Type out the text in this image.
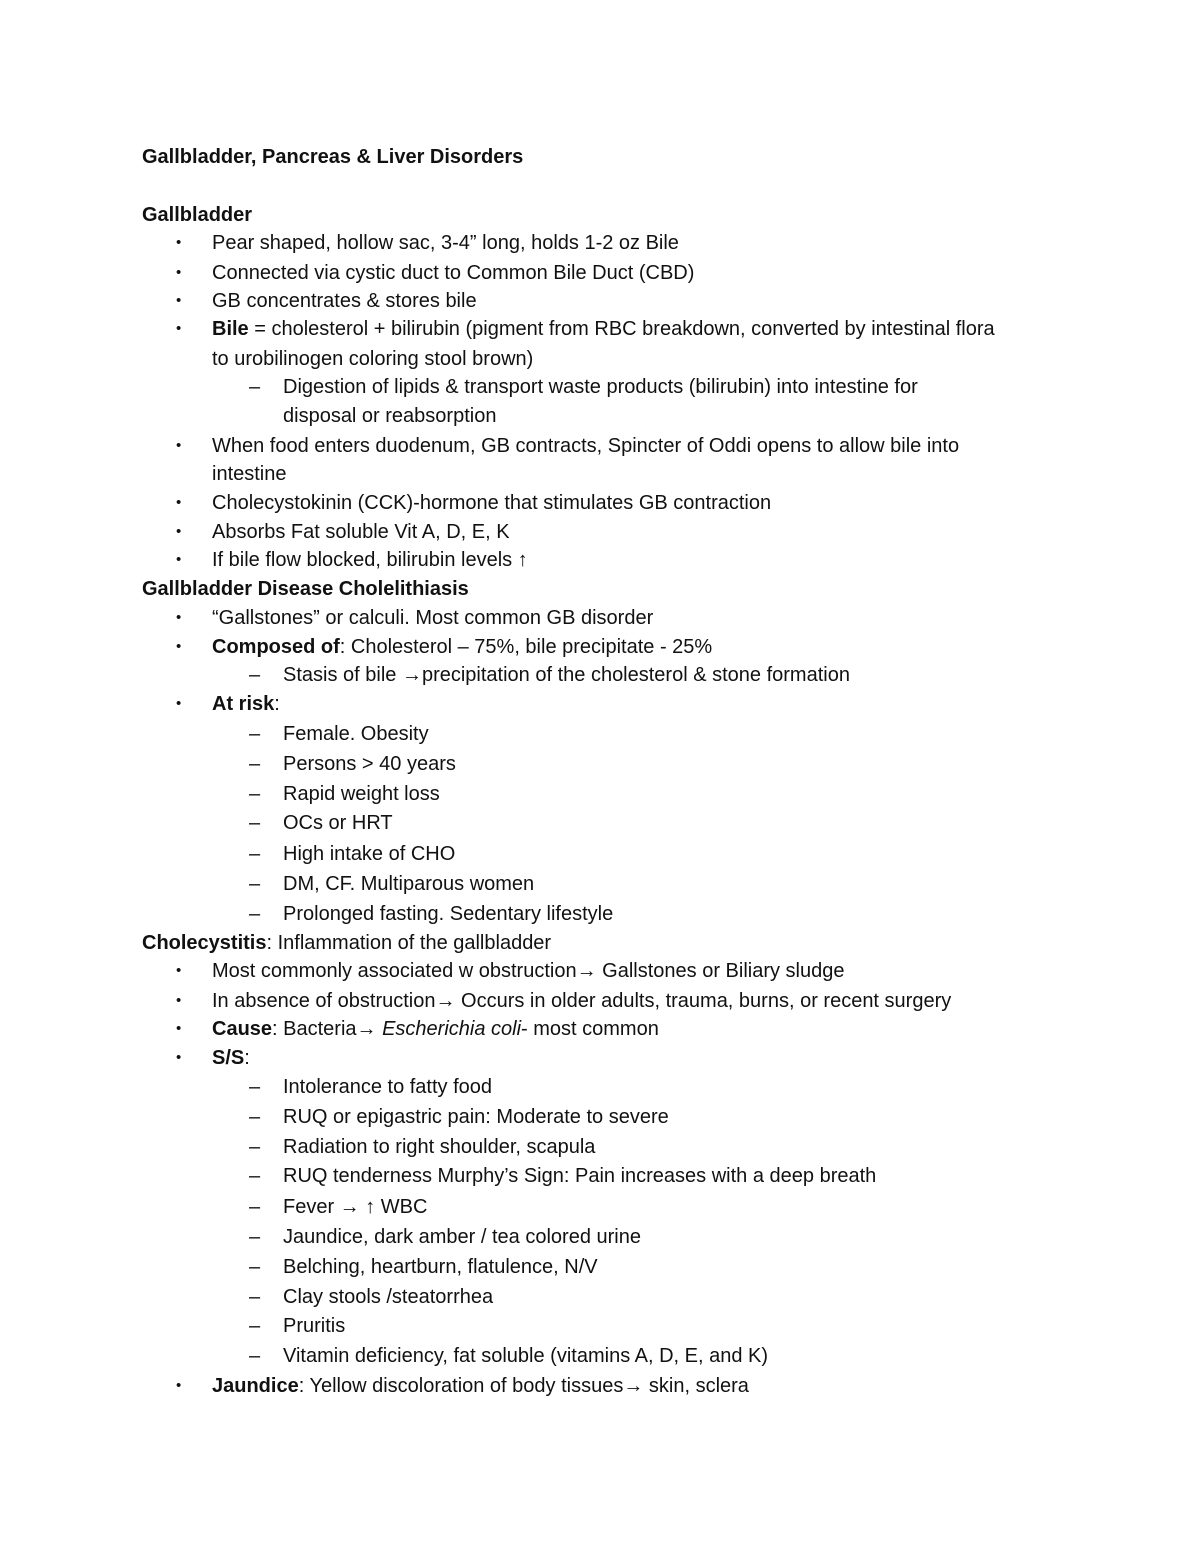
Gallbladder, Pancreas & Liver Disorders
Gallbladder
• Pear shaped, hollow sac, 3-4” long, holds 1-2 oz Bile
• Connected via cystic duct to Common Bile Duct (CBD)
• GB concentrates & stores bile
• Bile = cholesterol + bilirubin (pigment from RBC breakdown, converted by intestinal flora
to urobilinogen coloring stool brown)
– Digestion of lipids & transport waste products (bilirubin) into intestine for
disposal or reabsorption
• When food enters duodenum, GB contracts, Spincter of Oddi opens to allow bile into
intestine
• Cholecystokinin (CCK)-hormone that stimulates GB contraction
• Absorbs Fat soluble Vit A, D, E, K
• If bile flow blocked, bilirubin levels ↑
Gallbladder Disease Cholelithiasis
• “Gallstones” or calculi. Most common GB disorder
• Composed of: Cholesterol – 75%, bile precipitate - 25%
– Stasis of bile →precipitation of the cholesterol & stone formation
• At risk:
– Female. Obesity
– Persons > 40 years
– Rapid weight loss
– OCs or HRT
– High intake of CHO
– DM, CF. Multiparous women
– Prolonged fasting. Sedentary lifestyle
Cholecystitis: Inflammation of the gallbladder
• Most commonly associated w obstruction→ Gallstones or Biliary sludge
• In absence of obstruction→ Occurs in older adults, trauma, burns, or recent surgery
• Cause: Bacteria→ Escherichia coli- most common
• S/S:
– Intolerance to fatty food
– RUQ or epigastric pain: Moderate to severe
– Radiation to right shoulder, scapula
– RUQ tenderness Murphy’s Sign: Pain increases with a deep breath
– Fever → ↑ WBC
– Jaundice, dark amber / tea colored urine
– Belching, heartburn, flatulence, N/V
– Clay stools /steatorrhea
– Pruritis
– Vitamin deficiency, fat soluble (vitamins A, D, E, and K)
• Jaundice: Yellow discoloration of body tissues→ skin, sclera
